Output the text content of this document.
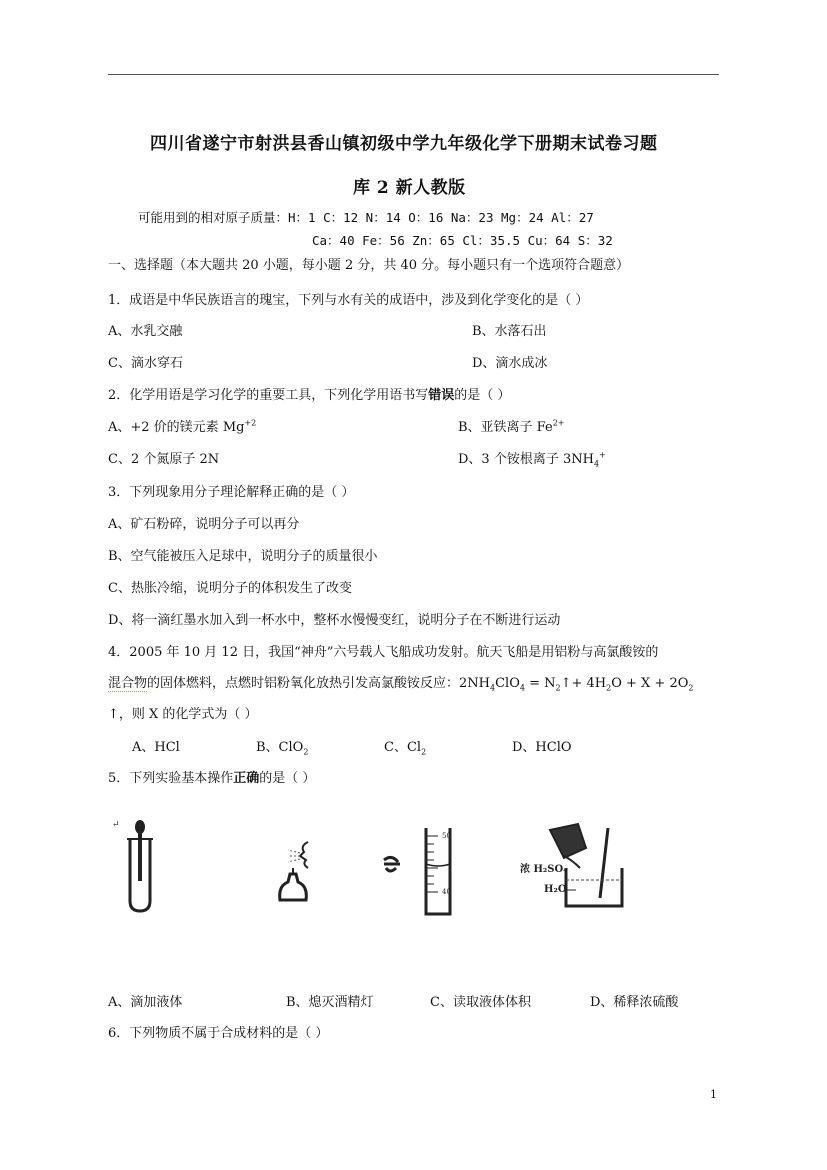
四川省遂宁市射洪县香山镇初级中学九年级化学下册期末试卷习题
库 2 新人教版
可能用到的相对原子质量：H：1 C：12 N：14 O：16 Na：23 Mg：24 Al：27
Ca：40 Fe：56 Zn：65 Cl：35.5 Cu：64 S：32
一、选择题（本大题共 20 小题，每小题 2 分，共 40 分。每小题只有一个选项符合题意）
1．成语是中华民族语言的瑰宝，下列与水有关的成语中，涉及到化学变化的是（ ）
A、水乳交融	B、水落石出
C、滴水穿石	D、滴水成冰
2．化学用语是学习化学的重要工具，下列化学用语书写错误的是（ ）
A、+2 价的镁元素 $Mg^{+2}$	B、亚铁离子 $Fe^{2+}$
C、2 个氮原子 2N	D、3 个铵根离子 $3NH_4^+$
3．下列现象用分子理论解释正确的是（ ）
A、矿石粉碎，说明分子可以再分
B、空气能被压入足球中，说明分子的质量很小
C、热胀冷缩，说明分子的体积发生了改变
D、将一滴红墨水加入到一杯水中，整杯水慢慢变红，说明分子在不断进行运动
4．2005 年 10 月 12 日，我国“神舟”六号载人飞船成功发射。航天飞船是用铝粉与高氯酸铵的
混合物的固体燃料，点燃时铝粉氧化放热引发高氯酸铵反应：$2NH_4ClO_4$ = $N_2↑+ 4H_2O + X + 2O_2$
↑，则 X 的化学式为（ ）
A、HCl	B、ClO$_2$	C、$Cl_2$	D、HClO
5．下列实验基本操作正确的是（ ）
↵
50
40
浓 H₂SO₄
H₂O
A、滴加液体	B、熄灭酒精灯	C、读取液体体积	D、稀释浓硫酸
6．下列物质不属于合成材料的是（ ）
1
